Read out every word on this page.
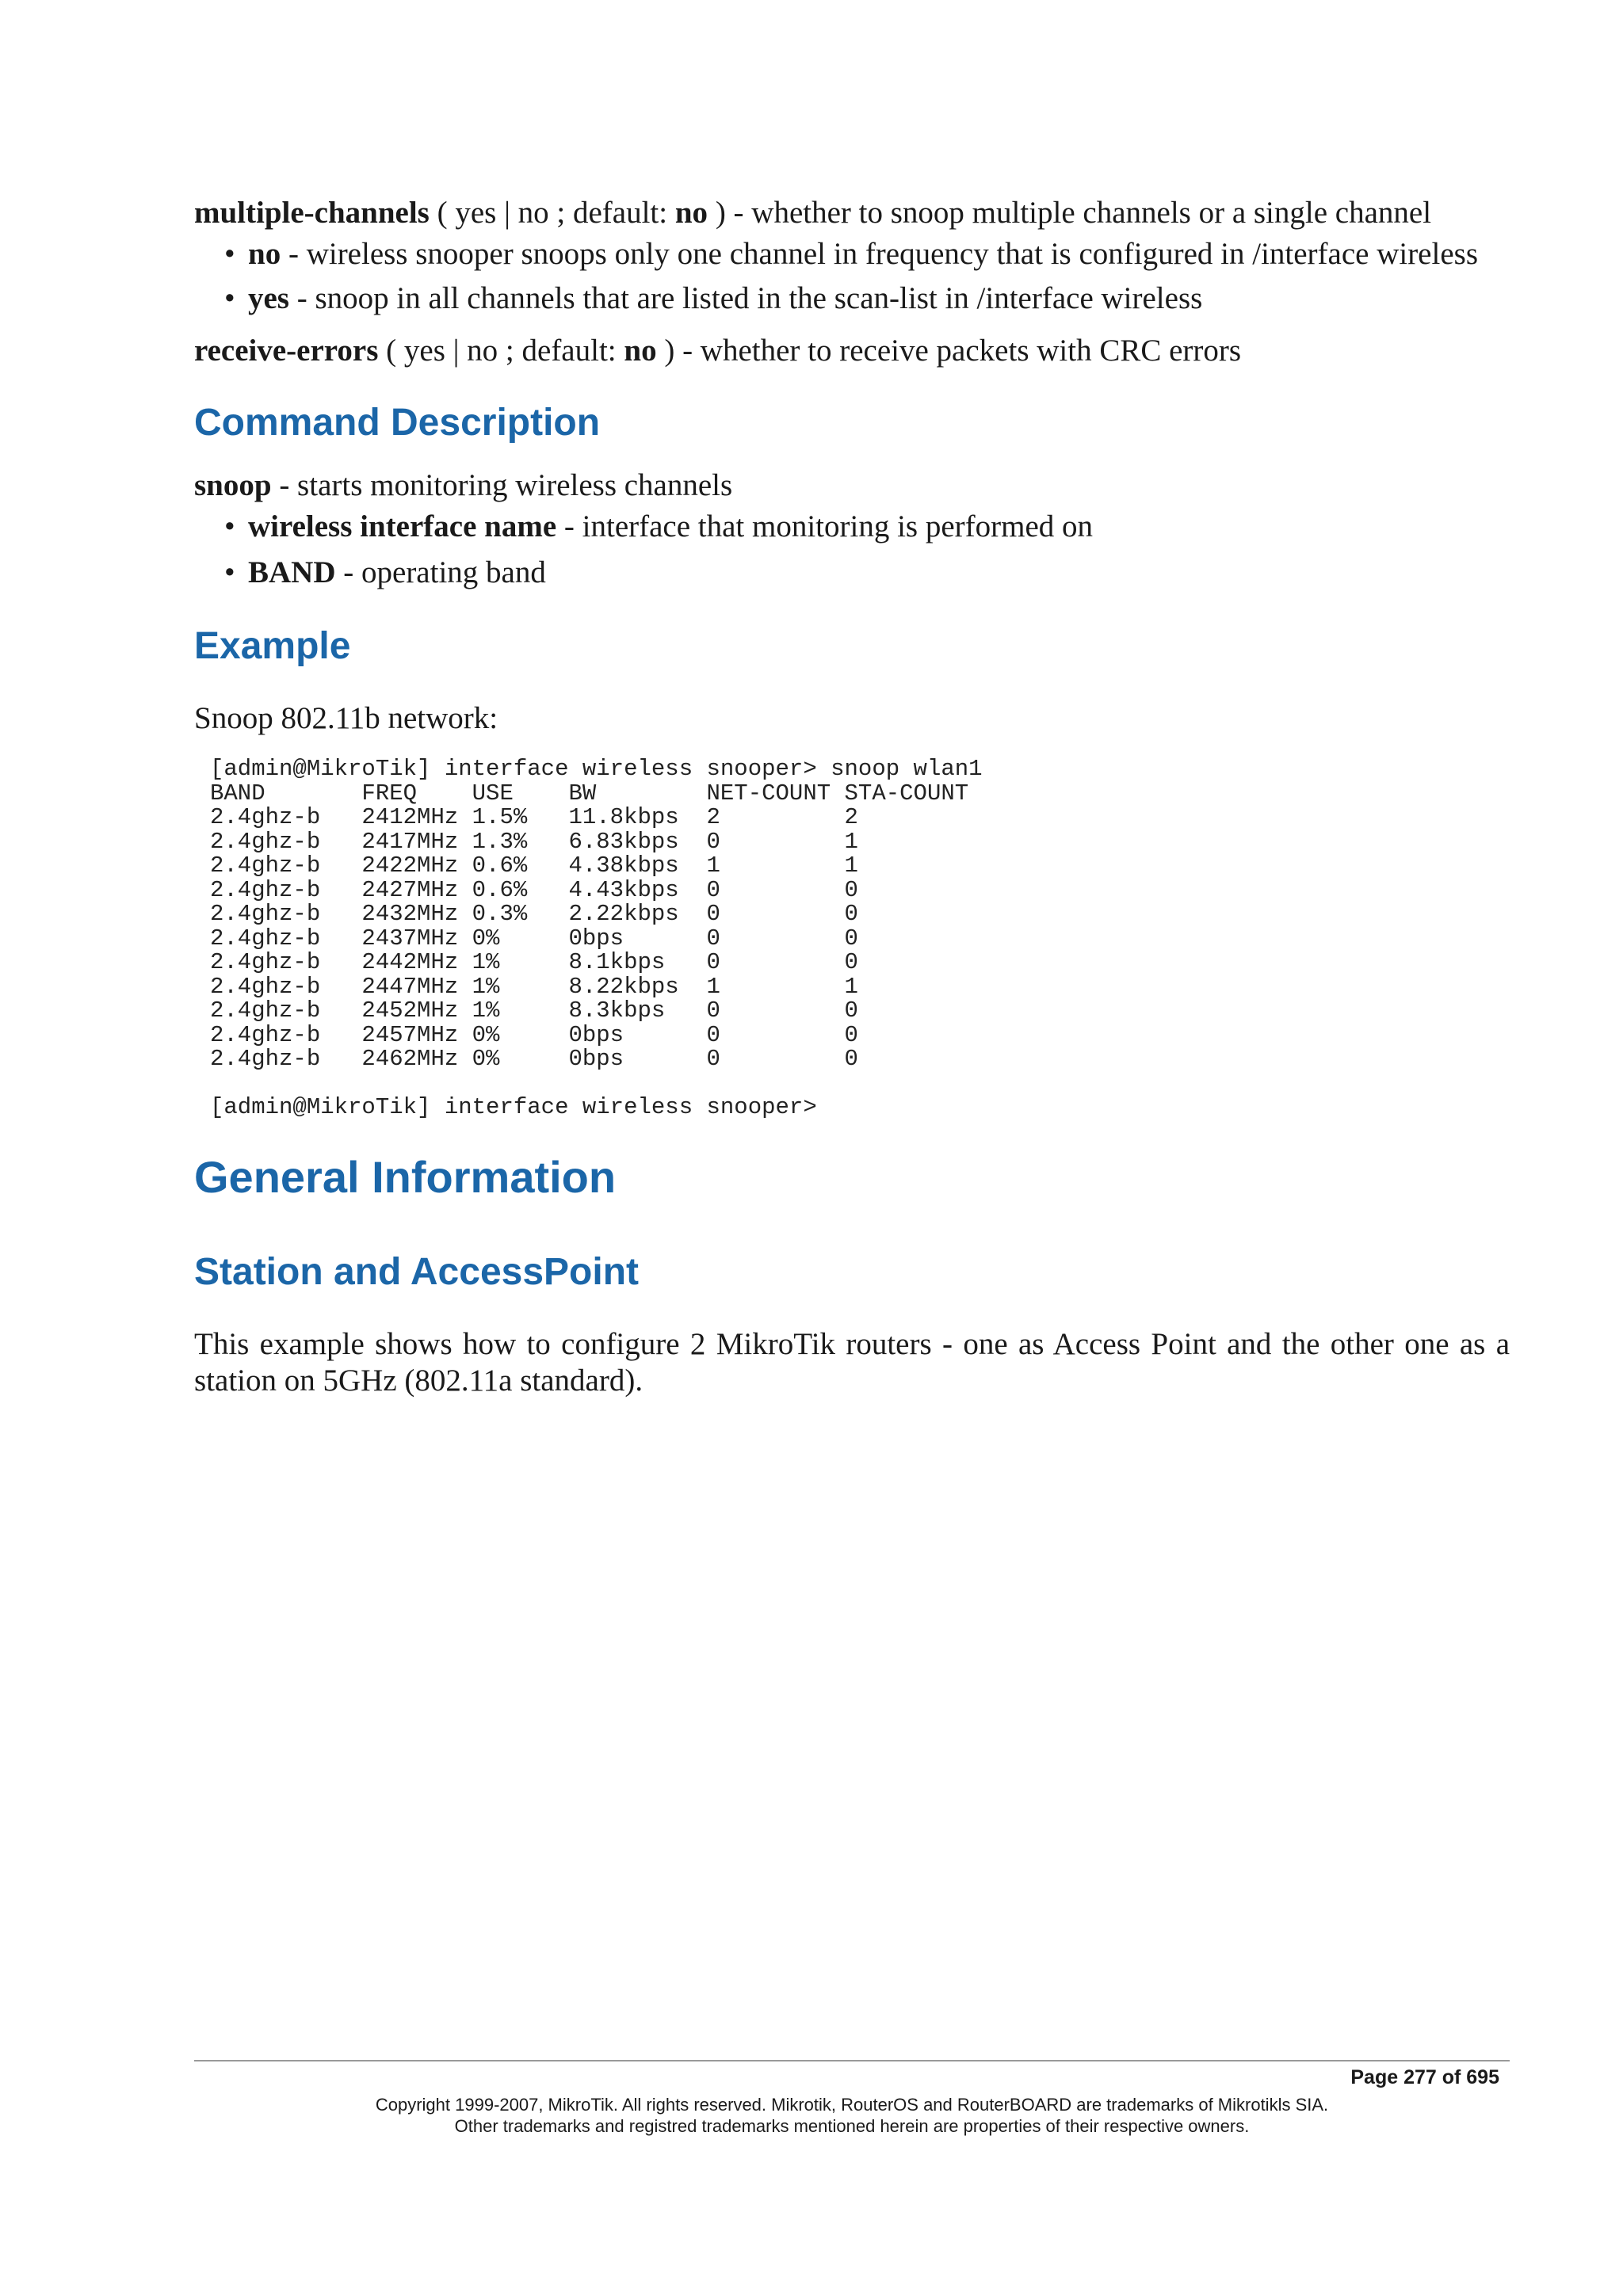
multiple-channels ( yes | no ; default: no ) - whether to snoop multiple channels or a single channel

• no - wireless snooper snoops only one channel in frequency that is configured in /interface wireless
• yes - snoop in all channels that are listed in the scan-list in /interface wireless

receive-errors ( yes | no ; default: no ) - whether to receive packets with CRC errors

Command Description

snoop - starts monitoring wireless channels

• wireless interface name - interface that monitoring is performed on
• BAND - operating band
Example

Snoop 802.11b network:

[admin@MikroTik] interface wireless snooper> snoop wlan1
BAND       FREQ    USE    BW        NET-COUNT STA-COUNT
2.4ghz-b   2412MHz 1.5%   11.8kbps  2         2
2.4ghz-b   2417MHz 1.3%   6.83kbps  0         1
2.4ghz-b   2422MHz 0.6%   4.38kbps  1         1
2.4ghz-b   2427MHz 0.6%   4.43kbps  0         0
2.4ghz-b   2432MHz 0.3%   2.22kbps  0         0
2.4ghz-b   2437MHz 0%     0bps      0         0
2.4ghz-b   2442MHz 1%     8.1kbps   0         0
2.4ghz-b   2447MHz 1%     8.22kbps  1         1
2.4ghz-b   2452MHz 1%     8.3kbps   0         0
2.4ghz-b   2457MHz 0%     0bps      0         0
2.4ghz-b   2462MHz 0%     0bps      0         0

[admin@MikroTik] interface wireless snooper>
General Information
Station and AccessPoint

This example shows how to configure 2 MikroTik routers - one as Access Point and the other one as a station on 5GHz (802.11a standard).

Page 277 of 695
Copyright 1999-2007, MikroTik. All rights reserved. Mikrotik, RouterOS and RouterBOARD are trademarks of Mikrotikls SIA.
Other trademarks and registred trademarks mentioned herein are properties of their respective owners.
